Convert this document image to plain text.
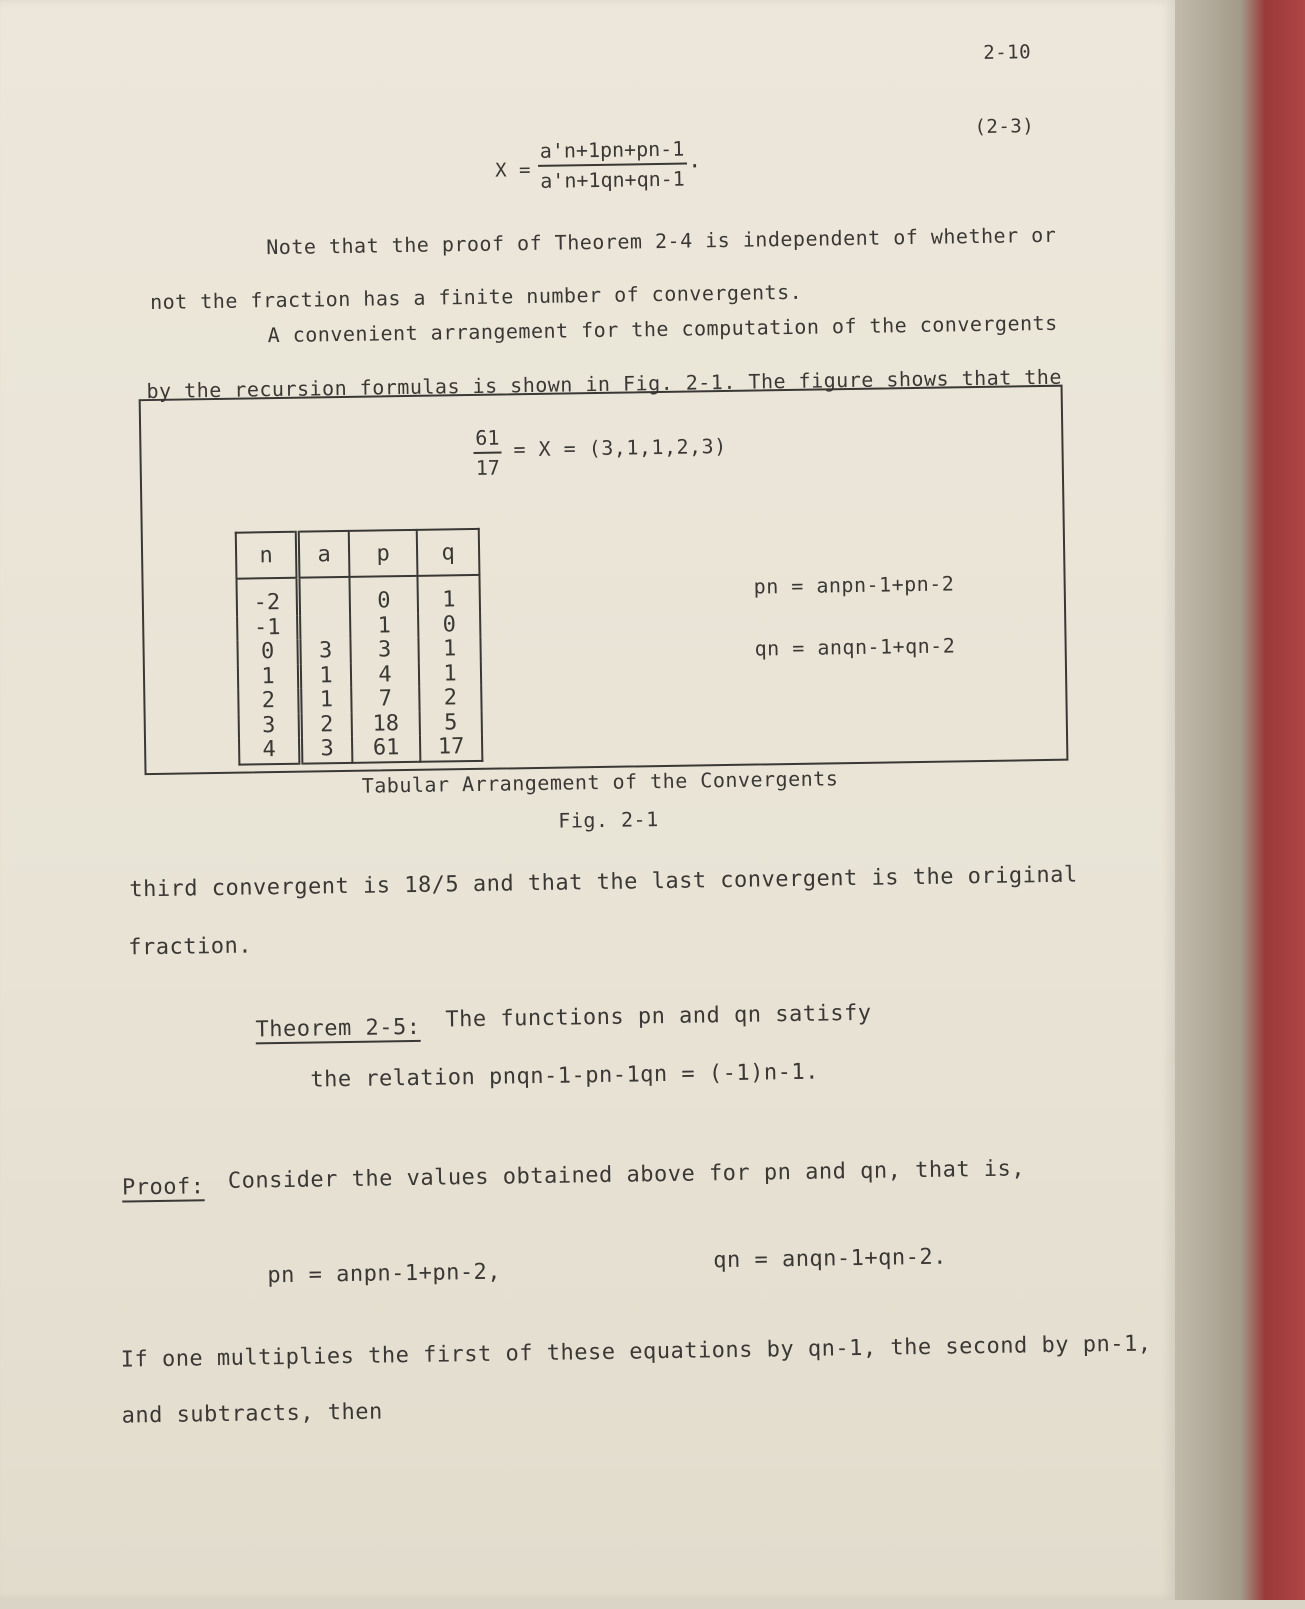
2-10
$X = \frac{a'n+1pn+pn-1}{a'n+1qn+qn-1}$ .
(2-3)
Note that the proof of Theorem 2-4 is independent of whether or
not the fraction has a finite number of convergents.
A convenient arrangement for the computation of the convergents
by the recursion formulas is shown in Fig. 2-1. The figure shows that the
$\frac{61}{17} = X = (3,1,1,2,3)$
n	a	p	q
-2		0	1
-1		1	0
0	3	3	1
1	1	4	1
2	1	7	2
3	2	18	5
4	3	61	17
pn = anpn-1+pn-2
qn = anqn-1+qn-2
Tabular Arrangement of the Convergents
Fig. 2-1
third convergent is 18/5 and that the last convergent is the original
fraction.
Theorem 2-5: The functions pn and qn satisfy
the relation pnqn-1-pn-1qn = (-1)n-1.
Proof: Consider the values obtained above for pn and qn, that is,
pn = anpn-1+pn-2,
qn = anqn-1+qn-2.
If one multiplies the first of these equations by qn-1, the second by pn-1,
and subtracts, then
